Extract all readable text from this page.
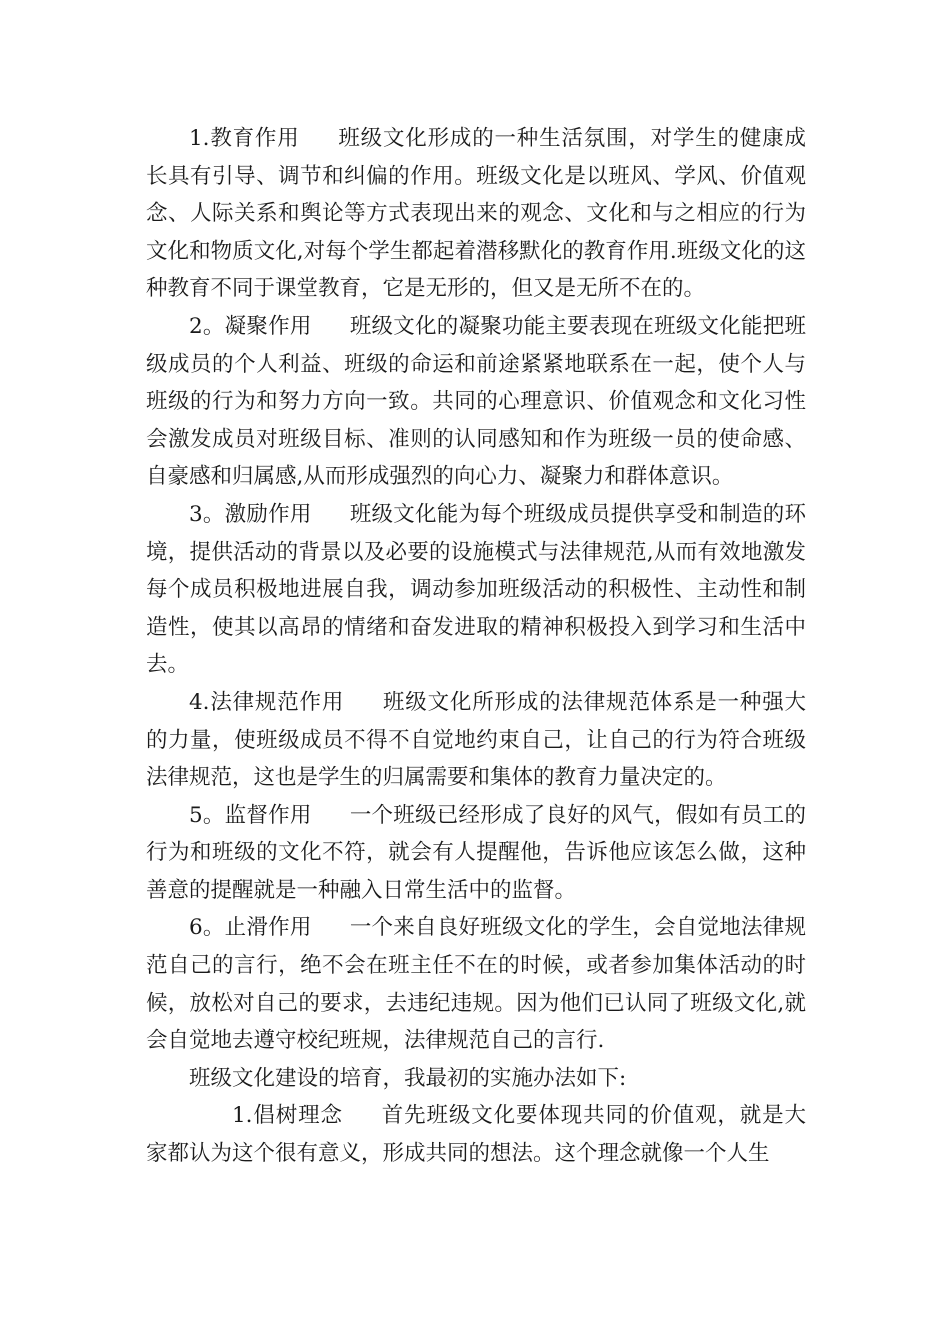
1.教育作用 班级文化形成的一种生活氛围，对学生的健康成长具有引导、调节和纠偏的作用。班级文化是以班风、学风、价值观念、人际关系和舆论等方式表现出来的观念、文化和与之相应的行为文化和物质文化,对每个学生都起着潜移默化的教育作用.班级文化的这种教育不同于课堂教育，它是无形的，但又是无所不在的。

2。凝聚作用 班级文化的凝聚功能主要表现在班级文化能把班级成员的个人利益、班级的命运和前途紧紧地联系在一起，使个人与班级的行为和努力方向一致。共同的心理意识、价值观念和文化习性会激发成员对班级目标、准则的认同感知和作为班级一员的使命感、自豪感和归属感,从而形成强烈的向心力、凝聚力和群体意识。

3。激励作用 班级文化能为每个班级成员提供享受和制造的环境，提供活动的背景以及必要的设施模式与法律规范,从而有效地激发每个成员积极地进展自我，调动参加班级活动的积极性、主动性和制造性，使其以高昂的情绪和奋发进取的精神积极投入到学习和生活中去。

4.法律规范作用 班级文化所形成的法律规范体系是一种强大的力量，使班级成员不得不自觉地约束自己，让自己的行为符合班级法律规范，这也是学生的归属需要和集体的教育力量决定的。

5。监督作用 一个班级已经形成了良好的风气，假如有员工的行为和班级的文化不符，就会有人提醒他，告诉他应该怎么做，这种善意的提醒就是一种融入日常生活中的监督。

6。止滑作用 一个来自良好班级文化的学生，会自觉地法律规范自己的言行，绝不会在班主任不在的时候，或者参加集体活动的时候，放松对自己的要求，去违纪违规。因为他们已认同了班级文化,就会自觉地去遵守校纪班规，法律规范自己的言行.

班级文化建设的培育，我最初的实施办法如下:

1.倡树理念 首先班级文化要体现共同的价值观，就是大家都认为这个很有意义，形成共同的想法。这个理念就像一个人生
